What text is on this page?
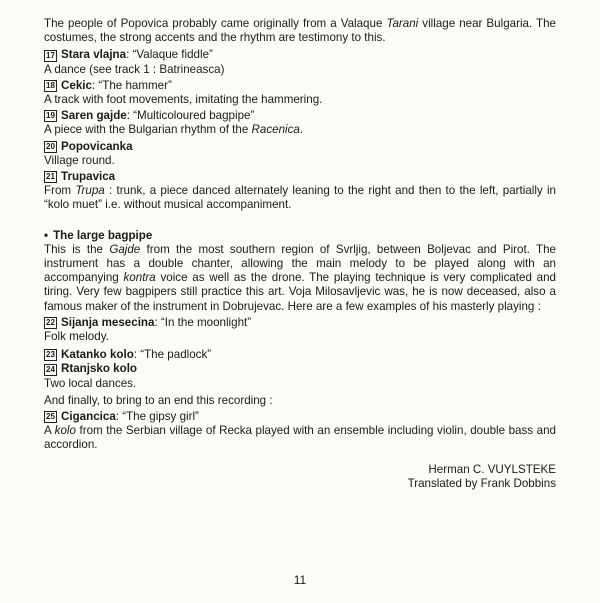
The people of Popovica probably came originally from a Valaque Tarani village near Bulgaria. The costumes, the strong accents and the rhythm are testimony to this.

17 Stara vlajna : “Valaque fiddle”

A dance (see track 1 : Batrineasca)

18 Cekic : “The hammer”

A track with foot movements, imitating the hammering.

19 Saren gajde : “Multicoloured bagpipe”

A piece with the Bulgarian rhythm of the Racenica.

20 Popovicanka

Village round.

21 Trupavica

From Trupa : trunk, a piece danced alternately leaning to the right and then to the left, partially in “kolo muet” i.e. without musical accompaniment.

• The large bagpipe

This is the Gajde from the most southern region of Svrljig, between Boljevac and Pirot. The instrument has a double chanter, allowing the main melody to be played along with an accompanying kontra voice as well as the drone. The playing technique is very complicated and tiring. Very few bagpipers still practice this art. Voja Milosavljevic was, he is now deceased, also a famous maker of the instrument in Dobrujevac. Here are a few examples of his masterly playing :

22 Sijanja mesecina : “In the moonlight”

Folk melody.

23 Katanko kolo : “The padlock”
24 Rtanjsko kolo

Two local dances.

And finally, to bring to an end this recording :

25 Cigancica : “The gipsy girl”

A kolo from the Serbian village of Recka played with an ensemble including violin, double bass and accordion.

Herman C. VUYLSTEKE

Translated by Frank Dobbins

11
